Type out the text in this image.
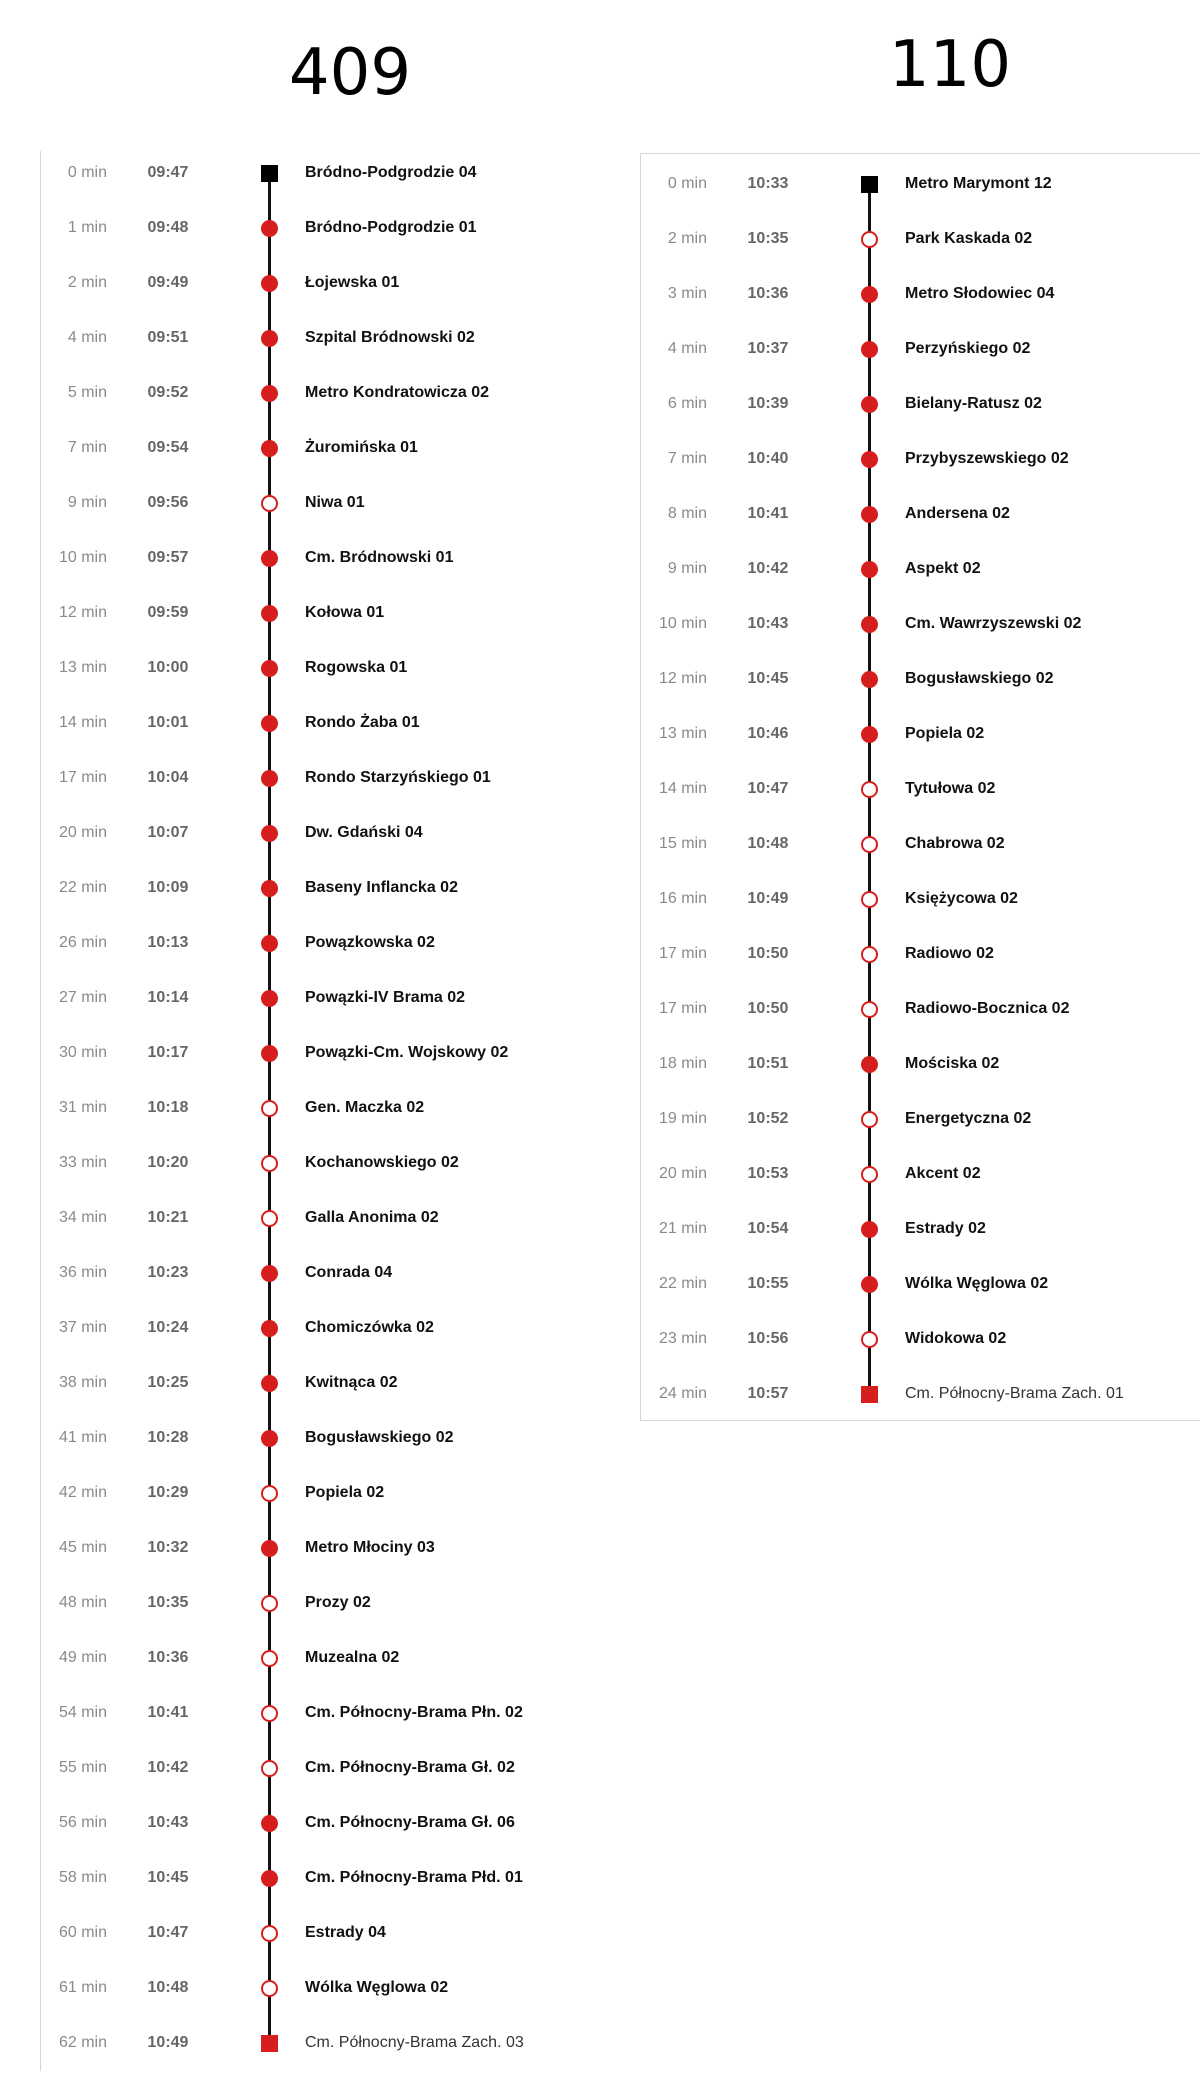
409	110
0 min	09:47	Bródno-Podgrodzie 04
1 min	09:48	Bródno-Podgrodzie 01
2 min	09:49	Łojewska 01
4 min	09:51	Szpital Bródnowski 02
5 min	09:52	Metro Kondratowicza 02
7 min	09:54	Żuromińska 01
9 min	09:56	Niwa 01
10 min	09:57	Cm. Bródnowski 01
12 min	09:59	Kołowa 01
13 min	10:00	Rogowska 01
14 min	10:01	Rondo Żaba 01
17 min	10:04	Rondo Starzyńskiego 01
20 min	10:07	Dw. Gdański 04
22 min	10:09	Baseny Inflancka 02
26 min	10:13	Powązkowska 02
27 min	10:14	Powązki-IV Brama 02
30 min	10:17	Powązki-Cm. Wojskowy 02
31 min	10:18	Gen. Maczka 02
33 min	10:20	Kochanowskiego 02
34 min	10:21	Galla Anonima 02
36 min	10:23	Conrada 04
37 min	10:24	Chomiczówka 02
38 min	10:25	Kwitnąca 02
41 min	10:28	Bogusławskiego 02
42 min	10:29	Popiela 02
45 min	10:32	Metro Młociny 03
48 min	10:35	Prozy 02
49 min	10:36	Muzealna 02
54 min	10:41	Cm. Północny-Brama Płn. 02
55 min	10:42	Cm. Północny-Brama Gł. 02
56 min	10:43	Cm. Północny-Brama Gł. 06
58 min	10:45	Cm. Północny-Brama Płd. 01
60 min	10:47	Estrady 04
61 min	10:48	Wólka Węglowa 02
62 min	10:49	Cm. Północny-Brama Zach. 03
0 min	10:33	Metro Marymont 12
2 min	10:35	Park Kaskada 02
3 min	10:36	Metro Słodowiec 04
4 min	10:37	Perzyńskiego 02
6 min	10:39	Bielany-Ratusz 02
7 min	10:40	Przybyszewskiego 02
8 min	10:41	Andersena 02
9 min	10:42	Aspekt 02
10 min	10:43	Cm. Wawrzyszewski 02
12 min	10:45	Bogusławskiego 02
13 min	10:46	Popiela 02
14 min	10:47	Tytułowa 02
15 min	10:48	Chabrowa 02
16 min	10:49	Księżycowa 02
17 min	10:50	Radiowo 02
17 min	10:50	Radiowo-Bocznica 02
18 min	10:51	Mościska 02
19 min	10:52	Energetyczna 02
20 min	10:53	Akcent 02
21 min	10:54	Estrady 02
22 min	10:55	Wólka Węglowa 02
23 min	10:56	Widokowa 02
24 min	10:57	Cm. Północny-Brama Zach. 01
